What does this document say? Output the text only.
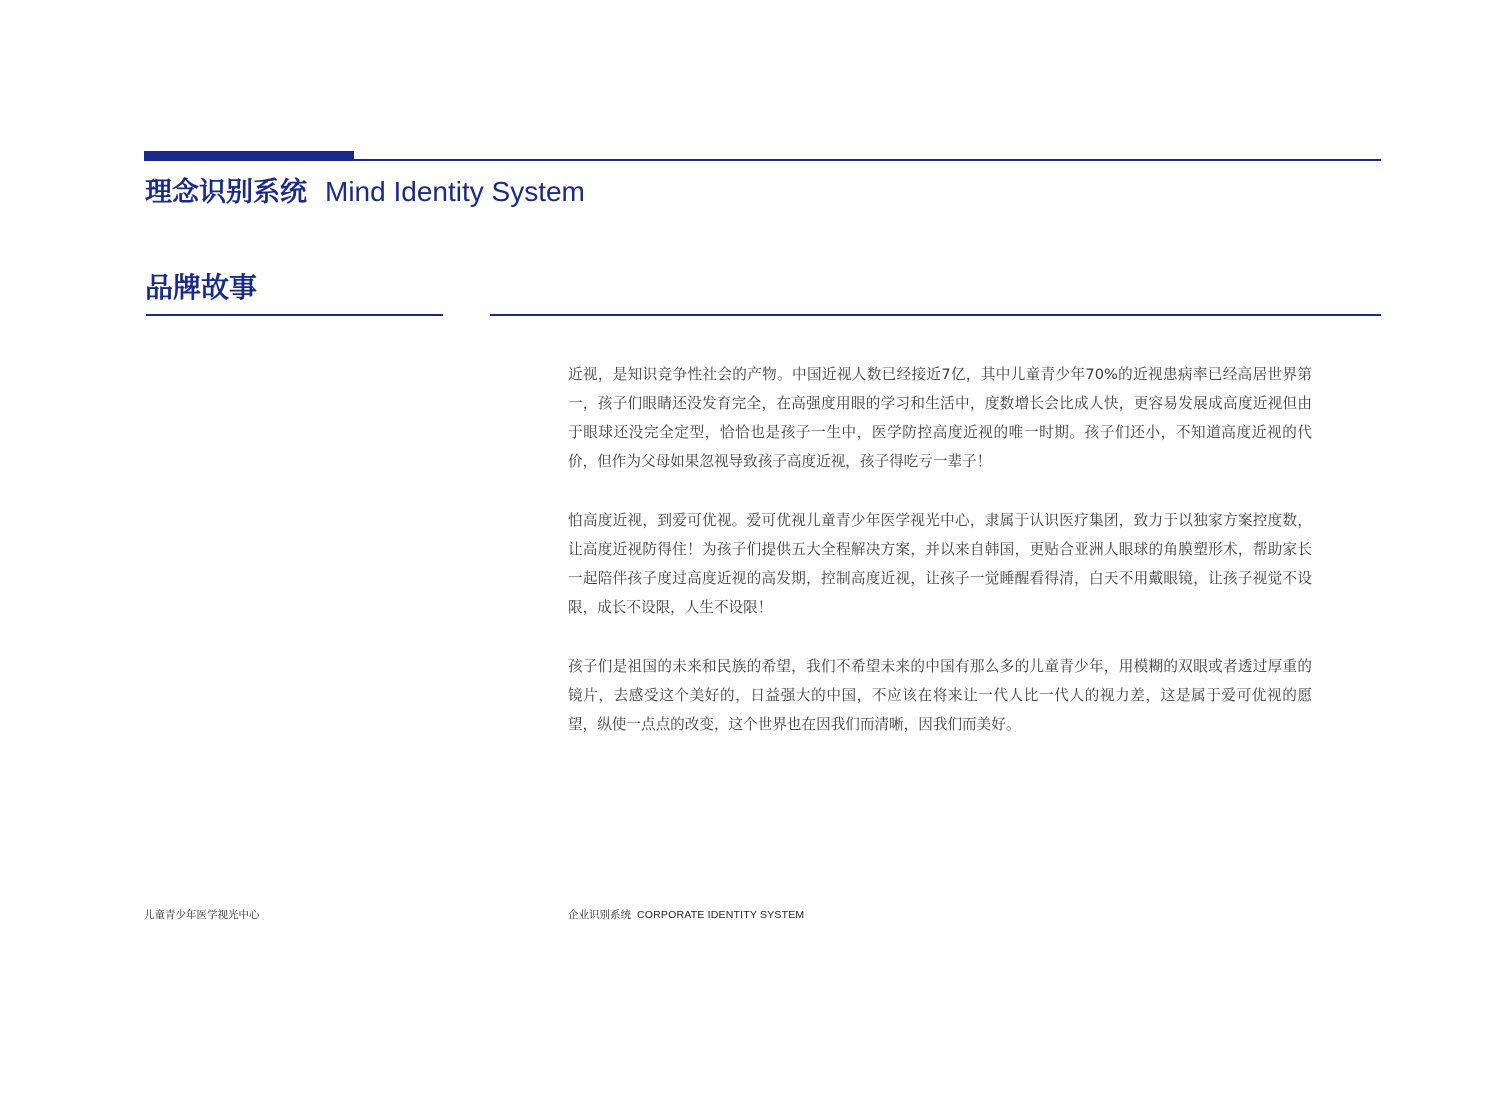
理念识别系统 Mind Identity System
品牌故事

近视，是知识竞争性社会的产物。中国近视人数已经接近7亿，其中儿童青少年70%的近视患病率已经高居世界第一，孩子们眼睛还没发育完全，在高强度用眼的学习和生活中，度数增长会比成人快，更容易发展成高度近视但由于眼球还没完全定型，恰恰也是孩子一生中，医学防控高度近视的唯一时期。孩子们还小，不知道高度近视的代价，但作为父母如果忽视导致孩子高度近视，孩子得吃亏一辈子！

怕高度近视，到爱可优视。爱可优视儿童青少年医学视光中心，隶属于认识医疗集团，致力于以独家方案控度数，让高度近视防得住！为孩子们提供五大全程解决方案，并以来自韩国，更贴合亚洲人眼球的角膜塑形术，帮助家长一起陪伴孩子度过高度近视的高发期，控制高度近视，让孩子一觉睡醒看得清，白天不用戴眼镜，让孩子视觉不设限，成长不设限，人生不设限！

孩子们是祖国的未来和民族的希望，我们不希望未来的中国有那么多的儿童青少年，用模糊的双眼或者透过厚重的镜片，去感受这个美好的，日益强大的中国，不应该在将来让一代人比一代人的视力差，这是属于爱可优视的愿望，纵使一点点的改变，这个世界也在因我们而清晰，因我们而美好。

儿童青少年医学视光中心	企业识别系统 CORPORATE IDENTITY SYSTEM
